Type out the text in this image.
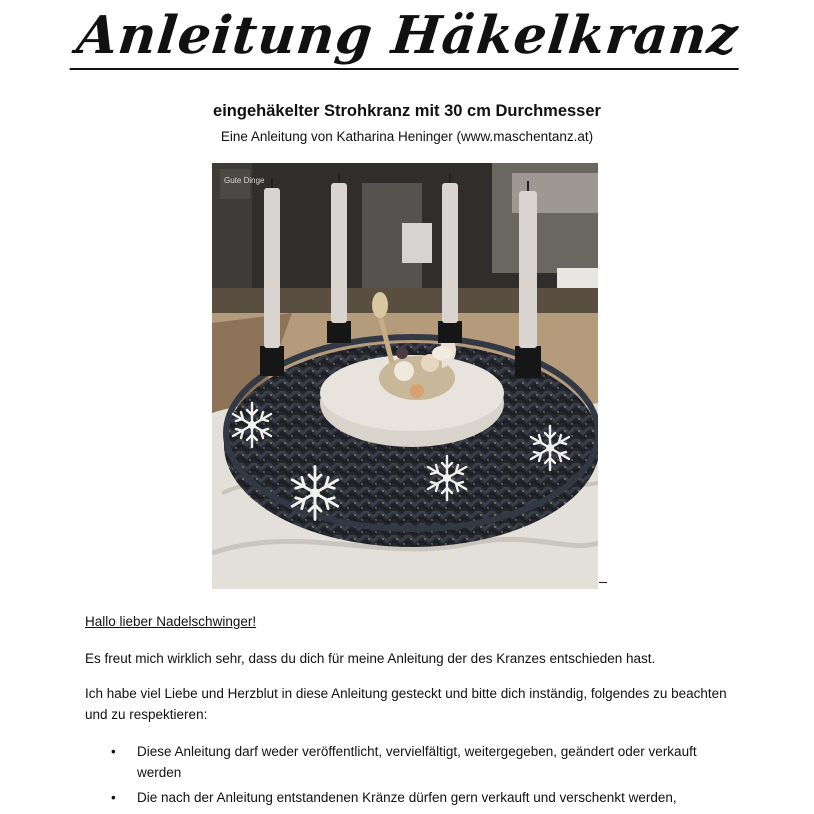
Anleitung Häkelkranz
eingehäkelter Strohkranz mit 30 cm Durchmesser
Eine Anleitung von Katharina Heninger (www.maschentanz.at)
Gute Dinge
Hallo lieber Nadelschwinger!
Es freut mich wirklich sehr, dass du dich für meine Anleitung der des Kranzes entschieden hast.
Ich habe viel Liebe und Herzblut in diese Anleitung gesteckt und bitte dich inständig, folgendes zu beachten und zu respektieren:
• Diese Anleitung darf weder veröffentlicht, vervielfältigt, weitergegeben, geändert oder verkauft werden
• Die nach der Anleitung entstandenen Kränze dürfen gern verkauft und verschenkt werden,
